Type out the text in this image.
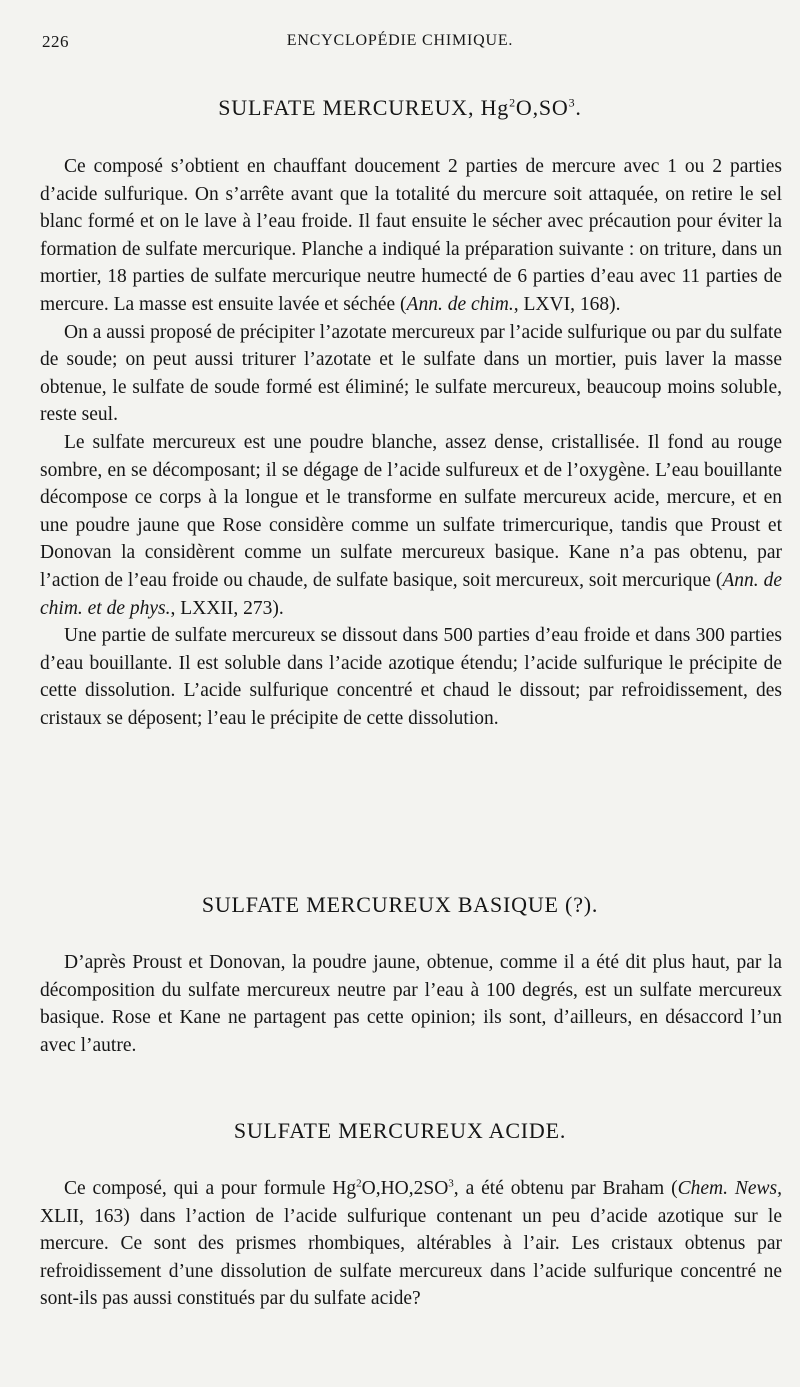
226	ENCYCLOPÉDIE CHIMIQUE.
SULFATE MERCUREUX, $Hg^2O,SO^3$.

Ce composé s’obtient en chauffant doucement 2 parties de mercure avec 1 ou 2 parties d’acide sulfurique. On s’arrête avant que la totalité du mercure soit attaquée, on retire le sel blanc formé et on le lave à l’eau froide. Il faut ensuite le sécher avec précaution pour éviter la formation de sulfate mercurique. Planche a indiqué la préparation suivante : on triture, dans un mortier, 18 parties de sulfate mercurique neutre humecté de 6 parties d’eau avec 11 parties de mercure. La masse est ensuite lavée et séchée (Ann. de chim., LXVI, 168).

On a aussi proposé de précipiter l’azotate mercureux par l’acide sulfurique ou par du sulfate de soude; on peut aussi triturer l’azotate et le sulfate dans un mortier, puis laver la masse obtenue, le sulfate de soude formé est éliminé; le sulfate mercureux, beaucoup moins soluble, reste seul.

Le sulfate mercureux est une poudre blanche, assez dense, cristallisée. Il fond au rouge sombre, en se décomposant; il se dégage de l’acide sulfureux et de l’oxygène. L’eau bouillante décompose ce corps à la longue et le transforme en sulfate mercureux acide, mercure, et en une poudre jaune que Rose considère comme un sulfate trimercurique, tandis que Proust et Donovan la considèrent comme un sulfate mercureux basique. Kane n’a pas obtenu, par l’action de l’eau froide ou chaude, de sulfate basique, soit mercureux, soit mercurique (Ann. de chim. et de phys., LXXII, 273).

Une partie de sulfate mercureux se dissout dans 500 parties d’eau froide et dans 300 parties d’eau bouillante. Il est soluble dans l’acide azotique étendu; l’acide sulfurique le précipite de cette dissolution. L’acide sulfurique concentré et chaud le dissout; par refroidissement, des cristaux se déposent; l’eau le précipite de cette dissolution.

SULFATE MERCUREUX BASIQUE (?).

D’après Proust et Donovan, la poudre jaune, obtenue, comme il a été dit plus haut, par la décomposition du sulfate mercureux neutre par l’eau à 100 degrés, est un sulfate mercureux basique. Rose et Kane ne partagent pas cette opinion; ils sont, d’ailleurs, en désaccord l’un avec l’autre.

SULFATE MERCUREUX ACIDE.

Ce composé, qui a pour formule $Hg^2O,HO,2SO^3$, a été obtenu par Braham (Chem. News, XLII, 163) dans l’action de l’acide sulfurique contenant un peu d’acide azotique sur le mercure. Ce sont des prismes rhombiques, altérables à l’air. Les cristaux obtenus par refroidissement d’une dissolution de sulfate mercureux dans l’acide sulfurique concentré ne sont-ils pas aussi constitués par du sulfate acide?
